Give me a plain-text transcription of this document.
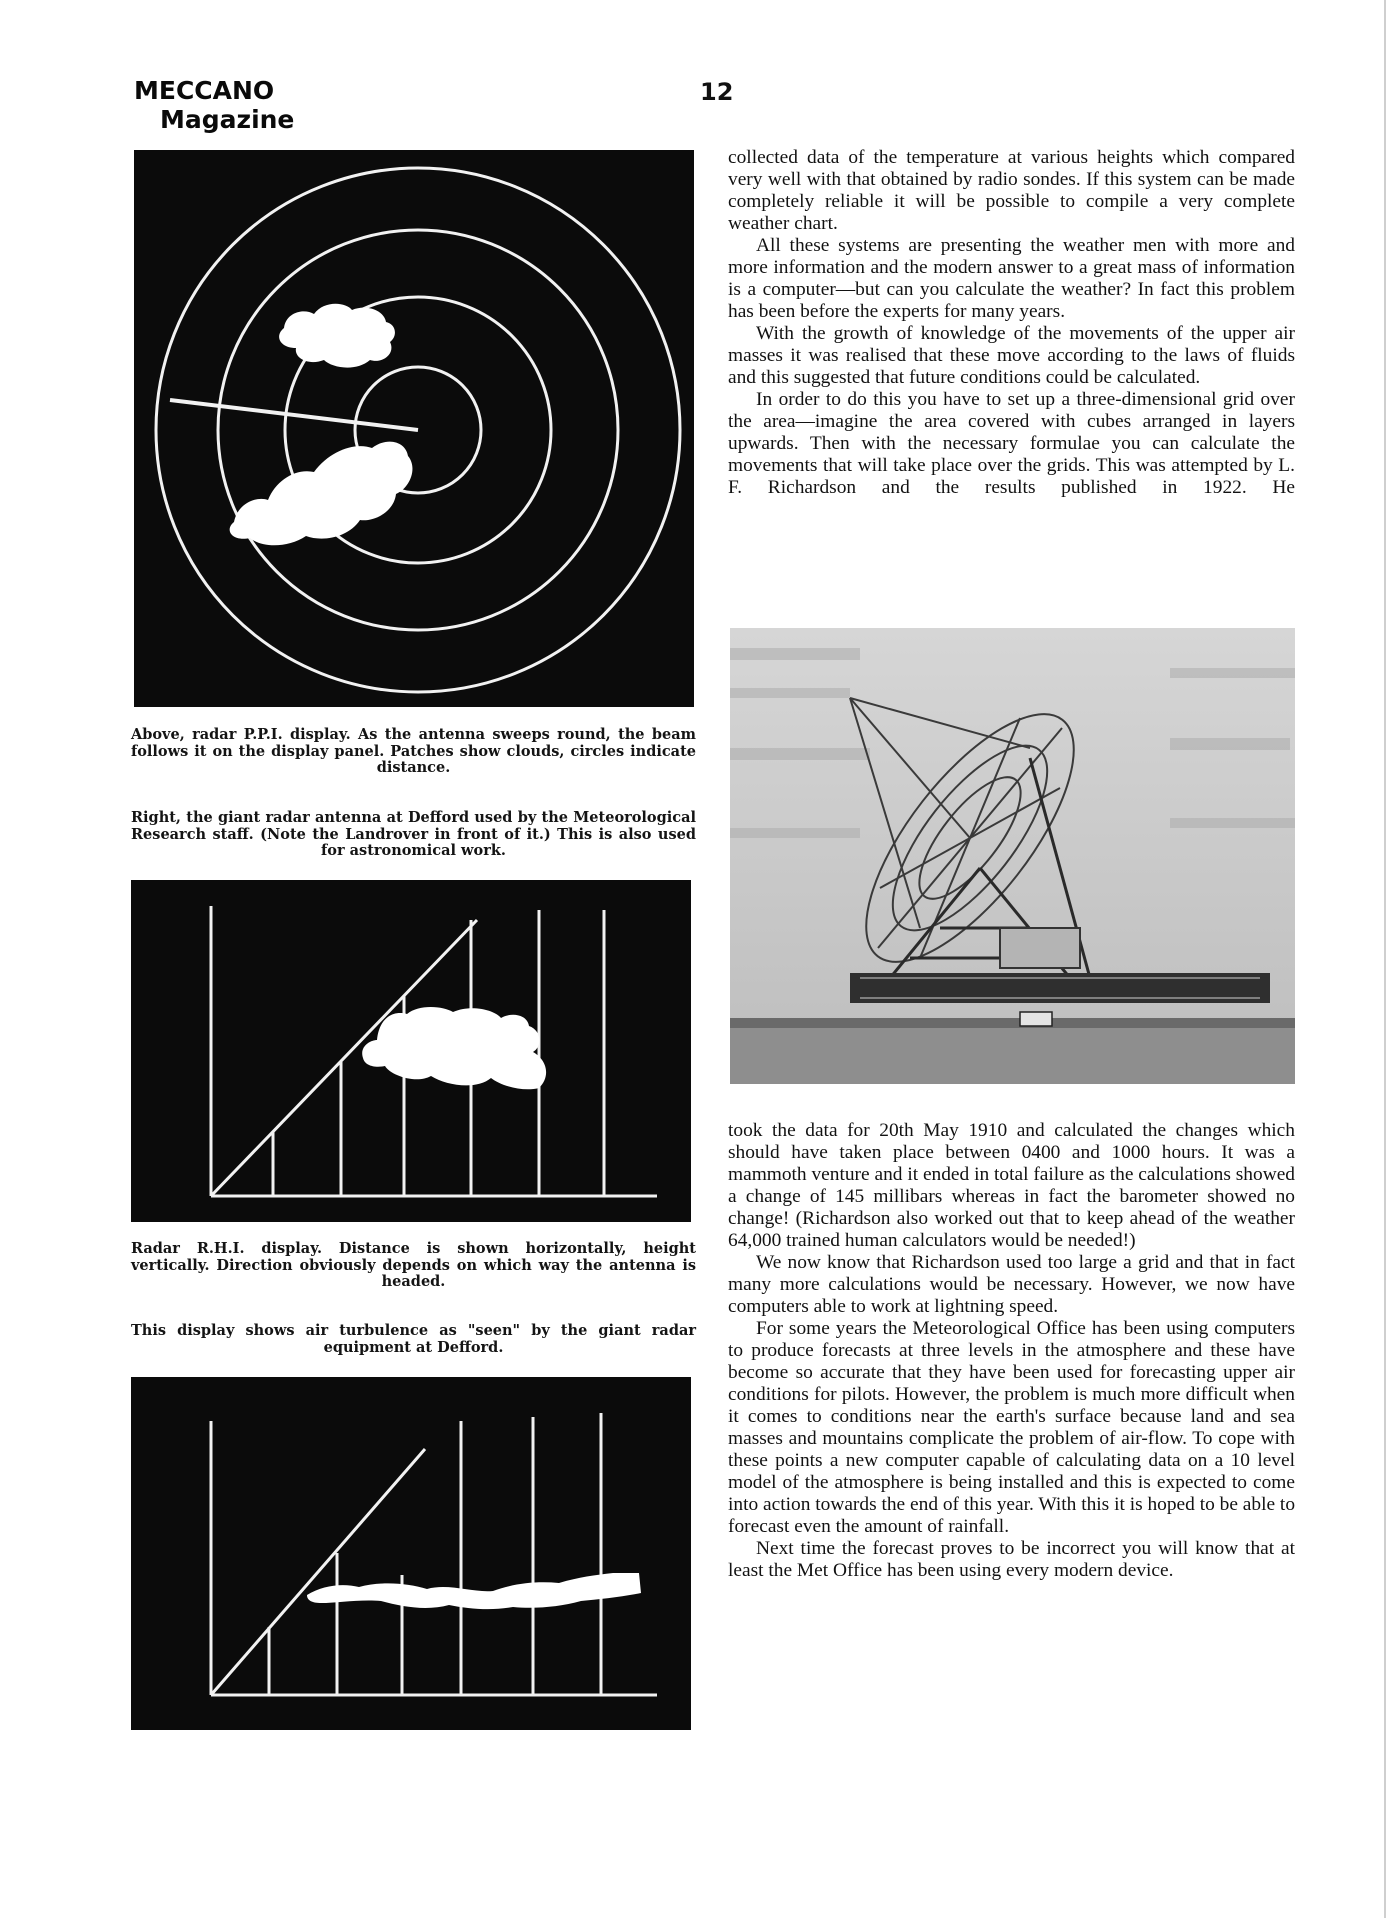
MECCANO
Magazine
12

Above, radar P.P.I. display. As the antenna sweeps round, the beam follows it on the display panel. Patches show clouds, circles indicate distance.

Right, the giant radar antenna at Defford used by the Meteorological Research staff. (Note the Landrover in front of it.) This is also used for astronomical work.

Radar R.H.I. display. Distance is shown horizontally, height vertically. Direction obviously depends on which way the antenna is headed.

This display shows air turbulence as "seen" by the giant radar equipment at Defford.

collected data of the temperature at various heights which compared very well with that obtained by radio sondes. If this system can be made completely reliable it will be possible to compile a very complete weather chart.

All these systems are presenting the weather men with more and more information and the modern answer to a great mass of information is a computer—but can you calculate the weather? In fact this problem has been before the experts for many years.

With the growth of knowledge of the movements of the upper air masses it was realised that these move according to the laws of fluids and this suggested that future conditions could be calculated.

In order to do this you have to set up a three-dimensional grid over the area—imagine the area covered with cubes arranged in layers upwards. Then with the necessary formulae you can calculate the movements that will take place over the grids. This was attempted by L. F. Richardson and the results published in 1922. He

took the data for 20th May 1910 and calculated the changes which should have taken place between 0400 and 1000 hours. It was a mammoth venture and it ended in total failure as the calculations showed a change of 145 millibars whereas in fact the barometer showed no change! (Richardson also worked out that to keep ahead of the weather 64,000 trained human calculators would be needed!)

We now know that Richardson used too large a grid and that in fact many more calculations would be necessary. However, we now have computers able to work at lightning speed.

For some years the Meteorological Office has been using computers to produce forecasts at three levels in the atmosphere and these have become so accurate that they have been used for forecasting upper air conditions for pilots. However, the problem is much more difficult when it comes to conditions near the earth's surface because land and sea masses and mountains complicate the problem of air-flow. To cope with these points a new computer capable of calculating data on a 10 level model of the atmosphere is being installed and this is expected to come into action towards the end of this year. With this it is hoped to be able to forecast even the amount of rainfall.

Next time the forecast proves to be incorrect you will know that at least the Met Office has been using every modern device.
